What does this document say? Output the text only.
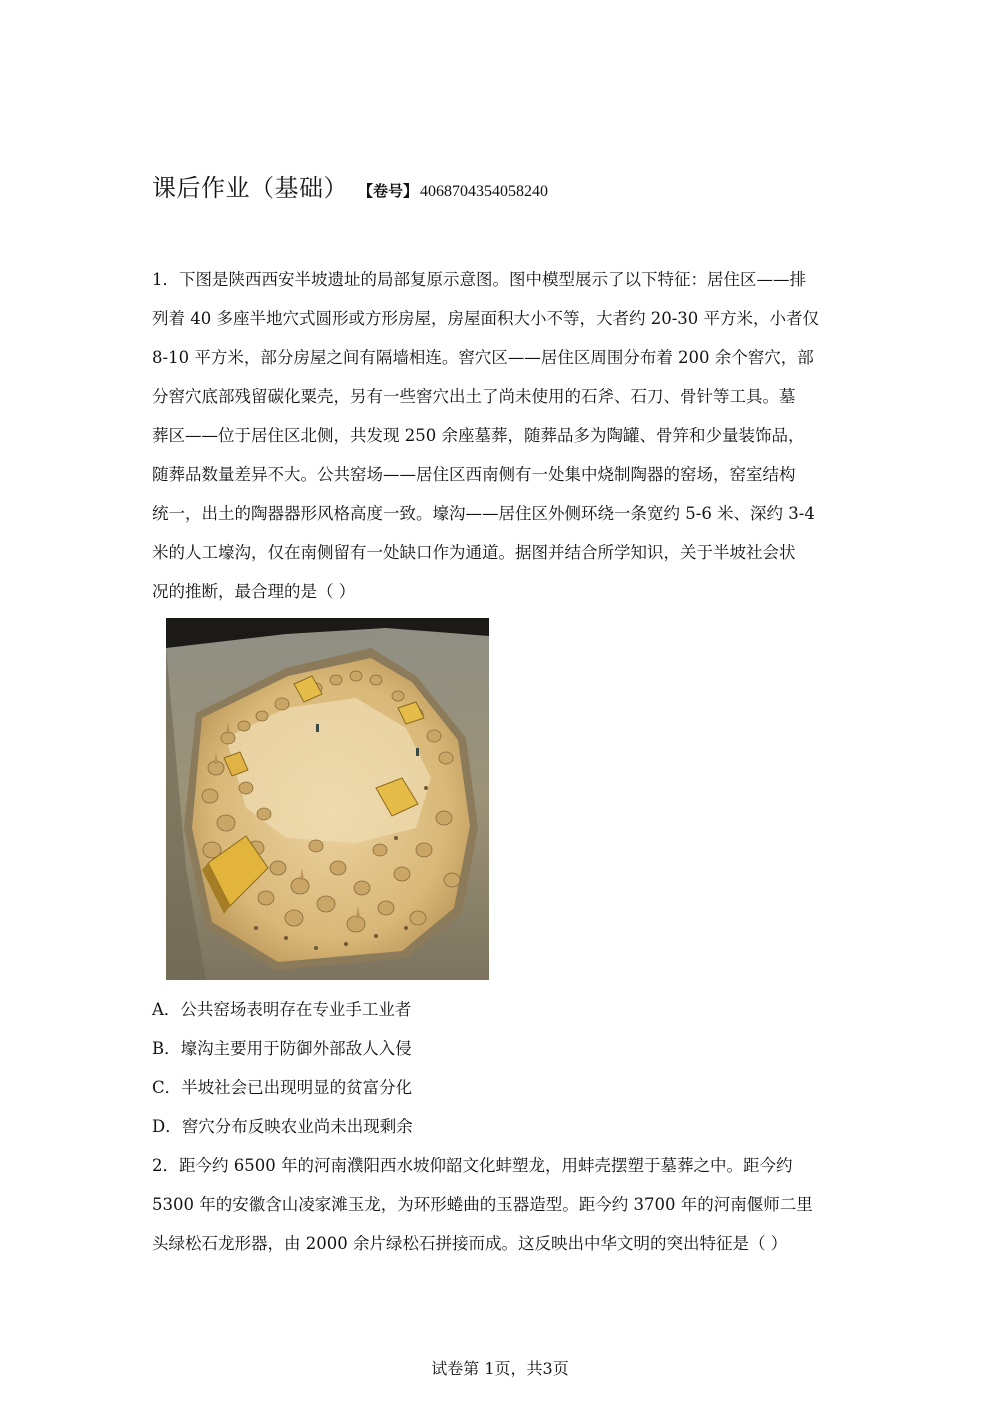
课后作业（基础） 【卷号】 4068704354058240
1．下图是陕西西安半坡遗址的局部复原示意图。图中模型展示了以下特征：居住区——排
列着 40 多座半地穴式圆形或方形房屋，房屋面积大小不等，大者约 20-30 平方米，小者仅
8-10 平方米，部分房屋之间有隔墙相连。窖穴区——居住区周围分布着 200 余个窖穴，部
分窖穴底部残留碳化粟壳，另有一些窖穴出土了尚未使用的石斧、石刀、骨针等工具。墓
葬区——位于居住区北侧，共发现 250 余座墓葬，随葬品多为陶罐、骨笄和少量装饰品，
随葬品数量差异不大。公共窑场——居住区西南侧有一处集中烧制陶器的窑场，窑室结构
统一，出土的陶器器形风格高度一致。壕沟——居住区外侧环绕一条宽约 5-6 米、深约 3-4
米的人工壕沟，仅在南侧留有一处缺口作为通道。据图并结合所学知识，关于半坡社会状
况的推断，最合理的是（ ）
A．公共窑场表明存在专业手工业者
B．壕沟主要用于防御外部敌人入侵
C．半坡社会已出现明显的贫富分化
D．窖穴分布反映农业尚未出现剩余
2．距今约 6500 年的河南濮阳西水坡仰韶文化蚌塑龙，用蚌壳摆塑于墓葬之中。距今约
5300 年的安徽含山凌家滩玉龙，为环形蜷曲的玉器造型。距今约 3700 年的河南偃师二里
头绿松石龙形器，由 2000 余片绿松石拼接而成。这反映出中华文明的突出特征是（ ）
试卷第 1页，共3页
